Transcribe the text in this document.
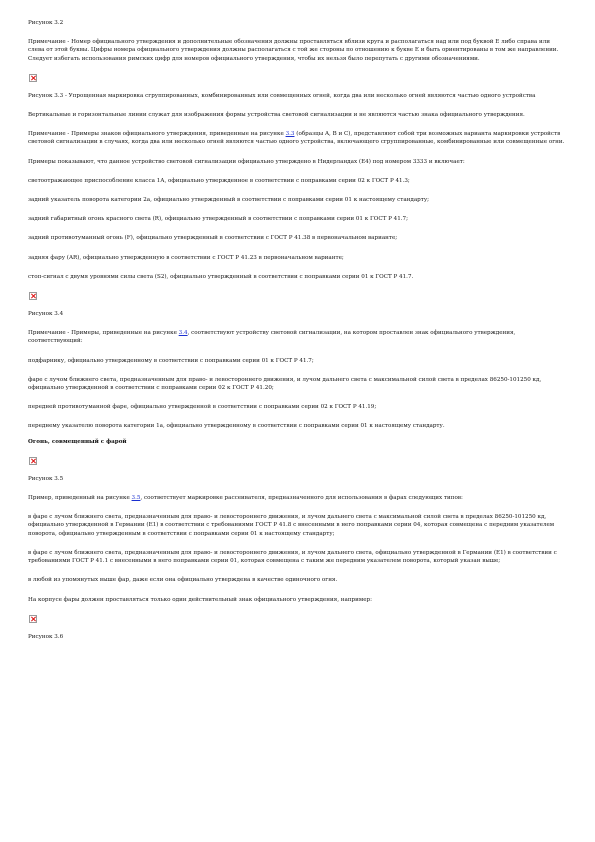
Рисунок 3.2

Примечание - Номер официального утверждения и дополнительные обозначения должны проставляться вблизи круга и располагаться над или под буквой E либо справа или слева от этой буквы. Цифры номера официального утверждения должны располагаться с той же стороны по отношению к букве E и быть ориентированы в том же направлении. Следует избегать использования римских цифр для номеров официального утверждения, чтобы их нельзя было перепутать с другими обозначениями.

Рисунок 3.3 - Упрощенная маркировка сгруппированных, комбинированных или совмещенных огней, когда два или несколько огней являются частью одного устройства

Вертикальные и горизонтальные линии служат для изображения формы устройства световой сигнализации и не являются частью знака официального утверждения.

Примечание - Примеры знаков официального утверждения, приведенные на рисунке 3.3 (образцы A, B и C), представляют собой три возможных варианта маркировки устройств световой сигнализации в случаях, когда два или несколько огней являются частью одного устройства, включающего сгруппированные, комбинированные или совмещенные огни.

Примеры показывают, что данное устройство световой сигнализации официально утверждено в Нидерландах (E4) под номером 3333 и включает:

светоотражающее приспособление класса 1А, официально утвержденное в соответствии с поправками серии 02 к ГОСТ Р 41.3;

задний указатель поворота категории 2а, официально утвержденный в соответствии с поправками серии 01 к настоящему стандарту;

задний габаритный огонь красного света (R), официально утвержденный в соответствии с поправками серии 01 к ГОСТ Р 41.7;

задний противотуманный огонь (F), официально утвержденный в соответствии с ГОСТ Р 41.38 в первоначальном варианте;

задняя фару (AR), официально утвержденную в соответствии с ГОСТ Р 41.23 в первоначальном варианте;

стоп-сигнал с двумя уровнями силы света (S2), официально утвержденный в соответствии с поправками серии 01 к ГОСТ Р 41.7.

Рисунок 3.4

Примечание - Примеры, приведенные на рисунке 3.4, соответствуют устройству световой сигнализации, на котором проставлен знак официального утверждения, соответствующий:

подфарнику, официально утвержденному в соответствии с поправками серии 01 к ГОСТ Р 41.7;

фаре с лучом ближнего света, предназначенным для право- и левостороннего движения, и лучом дальнего света с максимальной силой света в пределах 86250-101250 кд, официально утвержденной в соответствии с поправками серии 02 к ГОСТ Р 41.20;

передней противотуманной фаре, официально утвержденной в соответствии с поправками серии 02 к ГОСТ Р 41.19;

переднему указателю поворота категории 1а, официально утвержденному в соответствии с поправками серии 01 к настоящему стандарту.

Огонь, совмещенный с фарой

Рисунок 3.5

Пример, приведенный на рисунке 3.5, соответствует маркировке рассеивателя, предназначенного для использования в фарах следующих типов:

в фаре с лучом ближнего света, предназначенным для право- и левостороннего движения, и лучом дальнего света с максимальной силой света в пределах 86250-101250 кд, официально утвержденной в Германии (E1) в соответствии с требованиями ГОСТ Р 41.8 с внесенными в него поправками серии 04, которая совмещена с передним указателем поворота, официально утвержденным в соответствии с поправками серии 01 к настоящему стандарту;

в фаре с лучом ближнего света, предназначенным для право- и левостороннего движения, и лучом дальнего света, официально утвержденной в Германии (E1) в соответствии с требованиями ГОСТ Р 41.1 с внесенными в него поправками серии 01, которая совмещена с таким же передним указателем поворота, который указан выше;

в любой из упомянутых выше фар, даже если она официально утверждена в качестве одиночного огня.

На корпусе фары должен проставляться только один действительный знак официального утверждения, например:

Рисунок 3.6
